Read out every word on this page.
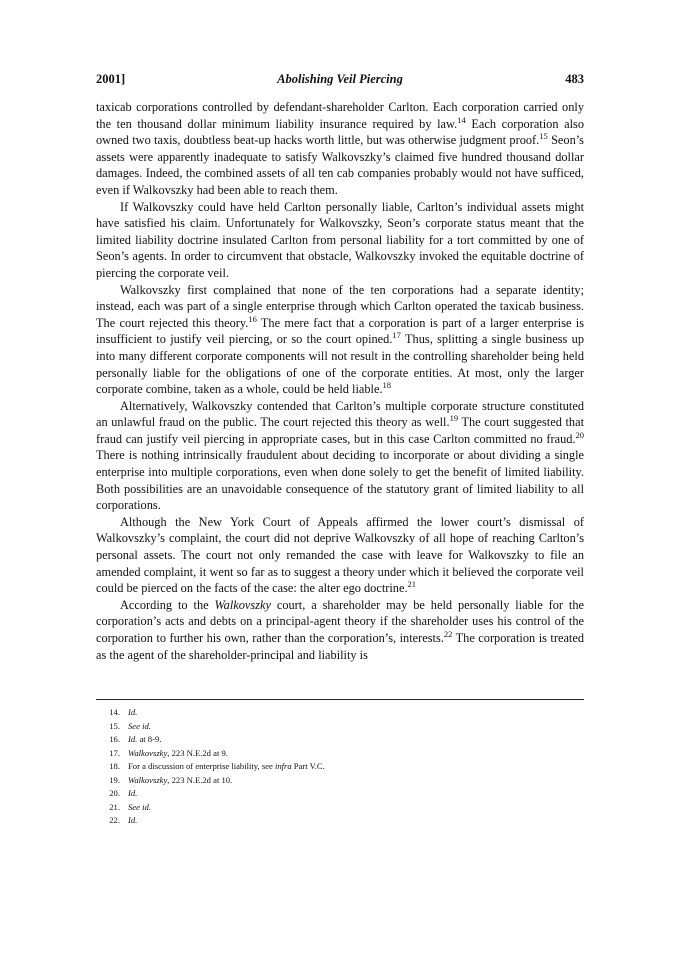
2001]	Abolishing Veil Piercing	483

taxicab corporations controlled by defendant-shareholder Carlton. Each corporation carried only the ten thousand dollar minimum liability insurance required by law.$^{14}$ Each corporation also owned two taxis, doubtless beat-up hacks worth little, but was otherwise judgment proof.$^{15}$ Seon’s assets were apparently inadequate to satisfy Walkovszky’s claimed five hundred thousand dollar damages. Indeed, the combined assets of all ten cab companies probably would not have sufficed, even if Walkovszky had been able to reach them.

If Walkovszky could have held Carlton personally liable, Carlton’s individual assets might have satisfied his claim. Unfortunately for Walkovszky, Seon’s corporate status meant that the limited liability doctrine insulated Carlton from personal liability for a tort committed by one of Seon’s agents. In order to circumvent that obstacle, Walkovszky invoked the equitable doctrine of piercing the corporate veil.

Walkovszky first complained that none of the ten corporations had a separate identity; instead, each was part of a single enterprise through which Carlton operated the taxicab business. The court rejected this theory.$^{16}$ The mere fact that a corporation is part of a larger enterprise is insufficient to justify veil piercing, or so the court opined.$^{17}$ Thus, splitting a single business up into many different corporate components will not result in the controlling shareholder being held personally liable for the obligations of one of the corporate entities. At most, only the larger corporate combine, taken as a whole, could be held liable.$^{18}$

Alternatively, Walkovszky contended that Carlton’s multiple corporate structure constituted an unlawful fraud on the public. The court rejected this theory as well.$^{19}$ The court suggested that fraud can justify veil piercing in appropriate cases, but in this case Carlton committed no fraud.$^{20}$ There is nothing intrinsically fraudulent about deciding to incorporate or about dividing a single enterprise into multiple corporations, even when done solely to get the benefit of limited liability. Both possibilities are an unavoidable consequence of the statutory grant of limited liability to all corporations.

Although the New York Court of Appeals affirmed the lower court’s dismissal of Walkovszky’s complaint, the court did not deprive Walkovszky of all hope of reaching Carlton’s personal assets. The court not only remanded the case with leave for Walkovszky to file an amended complaint, it went so far as to suggest a theory under which it believed the corporate veil could be pierced on the facts of the case: the alter ego doctrine.$^{21}$

According to the Walkovszky court, a shareholder may be held personally liable for the corporation’s acts and debts on a principal-agent theory if the shareholder uses his control of the corporation to further his own, rather than the corporation’s, interests.$^{22}$ The corporation is treated as the agent of the shareholder-principal and liability is

14. Id.
15. See id.
16. Id. at 8-9.
17. Walkovszky, 223 N.E.2d at 9.
18. For a discussion of enterprise liability, see infra Part V.C.
19. Walkovszky, 223 N.E.2d at 10.
20. Id.
21. See id.
22. Id.
